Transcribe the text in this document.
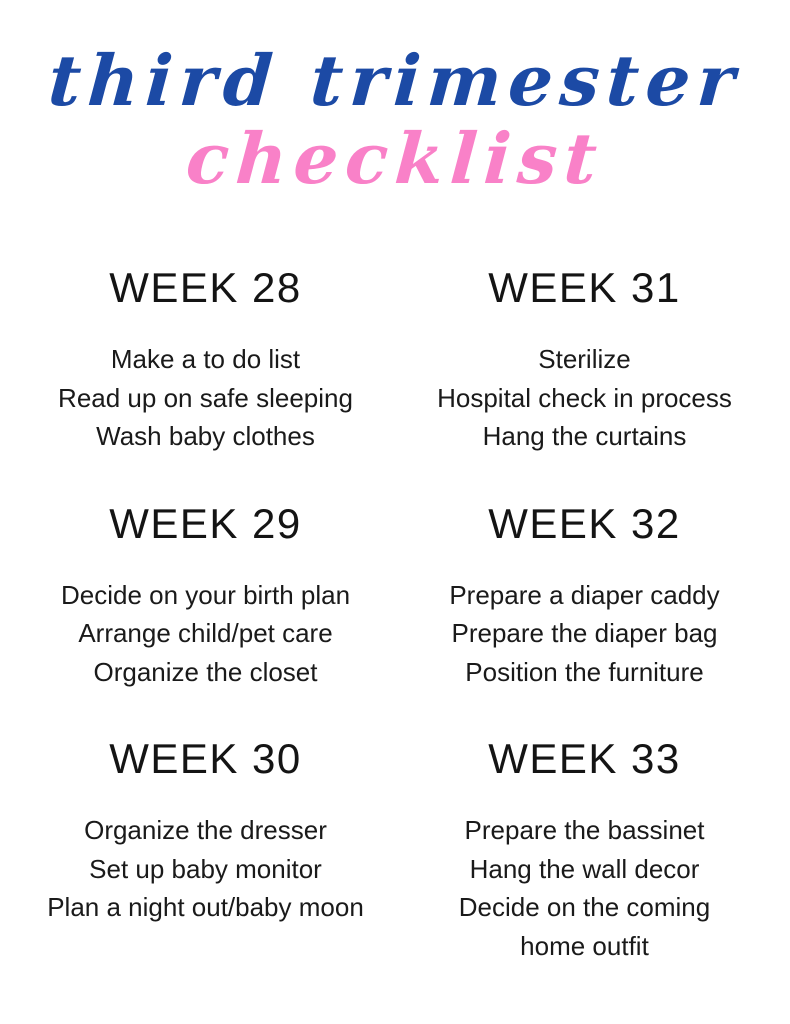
third trimester
checklist
WEEK 28
Make a to do list
Read up on safe sleeping
Wash baby clothes
WEEK 31
Sterilize
Hospital check in process
Hang the curtains
WEEK 29
Decide on your birth plan
Arrange child/pet care
Organize the closet
WEEK 32
Prepare a diaper caddy
Prepare the diaper bag
Position the furniture
WEEK 30
Organize the dresser
Set up baby monitor
Plan a night out/baby moon
WEEK 33
Prepare the bassinet
Hang the wall decor
Decide on the coming home outfit
